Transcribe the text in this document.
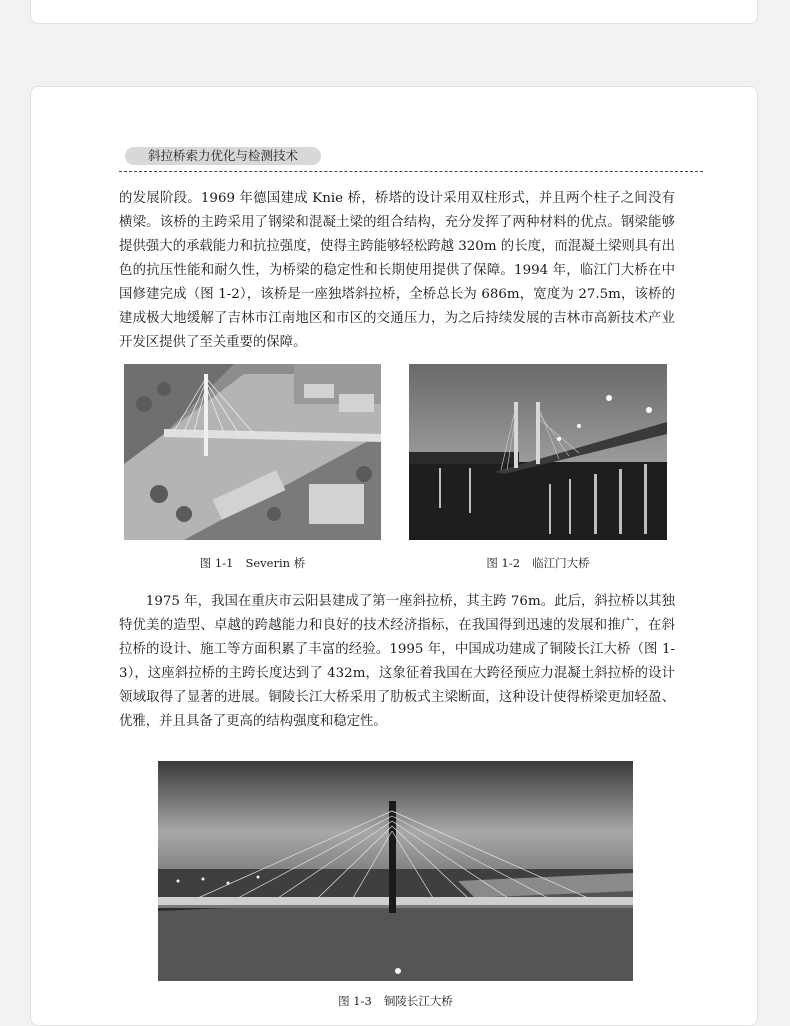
斜拉桥索力优化与检测技术

的发展阶段。1969 年德国建成 Knie 桥，桥塔的设计采用双柱形式，并且两个柱子之间没有横梁。该桥的主跨采用了钢梁和混凝土梁的组合结构，充分发挥了两种材料的优点。钢梁能够提供强大的承载能力和抗拉强度，使得主跨能够轻松跨越 320m 的长度，而混凝土梁则具有出色的抗压性能和耐久性，为桥梁的稳定性和长期使用提供了保障。1994 年，临江门大桥在中国修建完成（图 1-2），该桥是一座独塔斜拉桥，全桥总长为 686m，宽度为 27.5m，该桥的建成极大地缓解了吉林市江南地区和市区的交通压力，为之后持续发展的吉林市高新技术产业开发区提供了至关重要的保障。

图 1-1 Severin 桥	图 1-2 临江门大桥

1975 年，我国在重庆市云阳县建成了第一座斜拉桥，其主跨 76m。此后，斜拉桥以其独特优美的造型、卓越的跨越能力和良好的技术经济指标，在我国得到迅速的发展和推广，在斜拉桥的设计、施工等方面积累了丰富的经验。1995 年，中国成功建成了铜陵长江大桥（图 1-3），这座斜拉桥的主跨长度达到了 432m，这象征着我国在大跨径预应力混凝土斜拉桥的设计领域取得了显著的进展。铜陵长江大桥采用了肋板式主梁断面，这种设计使得桥梁更加轻盈、优雅，并且具备了更高的结构强度和稳定性。

图 1-3 铜陵长江大桥
